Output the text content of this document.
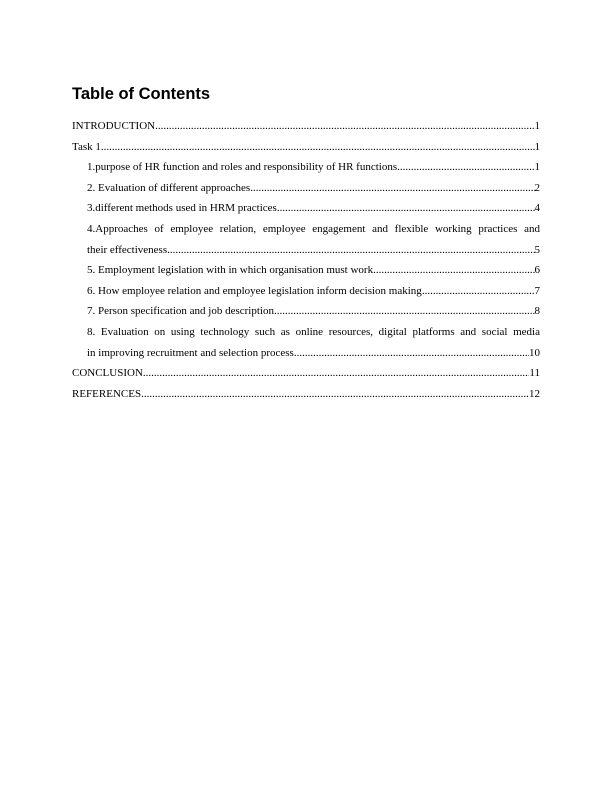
Table of Contents
INTRODUCTION .....	1
Task 1 .....	1
1.purpose of HR function and roles and responsibility of HR functions .....	1
2. Evaluation of different approaches .....	2
3.different methods used in HRM practices .....	4
4.Approaches of employee relation, employee engagement and flexible working practices and
their effectiveness .....	5
5. Employment legislation with in which organisation must work .....	6
6. How employee relation and employee legislation inform decision making .....	7
7. Person specification and job description .....	8
8. Evaluation on using technology such as online resources, digital platforms and social media
in improving recruitment and selection process .....	10
CONCLUSION .....	11
REFERENCES .....	12
